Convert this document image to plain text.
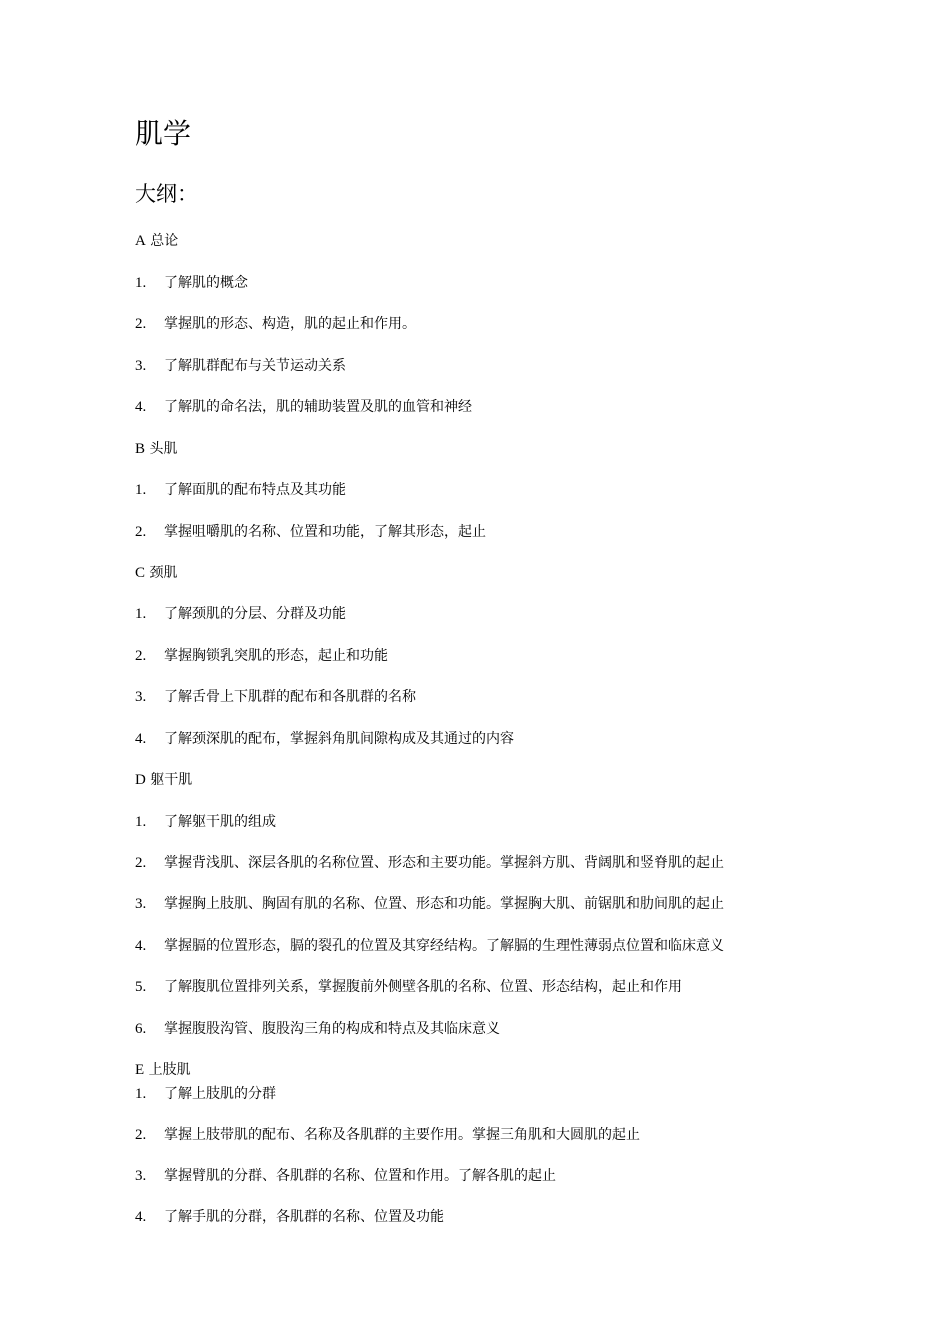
肌学
大纲：
A 总论
1. 了解肌的概念
2. 掌握肌的形态、构造，肌的起止和作用。
3. 了解肌群配布与关节运动关系
4. 了解肌的命名法，肌的辅助装置及肌的血管和神经
B 头肌
1. 了解面肌的配布特点及其功能
2. 掌握咀嚼肌的名称、位置和功能，了解其形态，起止
C 颈肌
1. 了解颈肌的分层、分群及功能
2. 掌握胸锁乳突肌的形态，起止和功能
3. 了解舌骨上下肌群的配布和各肌群的名称
4. 了解颈深肌的配布，掌握斜角肌间隙构成及其通过的内容
D 躯干肌
1. 了解躯干肌的组成
2. 掌握背浅肌、深层各肌的名称位置、形态和主要功能。掌握斜方肌、背阔肌和竖脊肌的起止
3. 掌握胸上肢肌、胸固有肌的名称、位置、形态和功能。掌握胸大肌、前锯肌和肋间肌的起止
4. 掌握膈的位置形态，膈的裂孔的位置及其穿经结构。了解膈的生理性薄弱点位置和临床意义
5. 了解腹肌位置排列关系，掌握腹前外侧壁各肌的名称、位置、形态结构，起止和作用
6. 掌握腹股沟管、腹股沟三角的构成和特点及其临床意义
E 上肢肌
1. 了解上肢肌的分群
2. 掌握上肢带肌的配布、名称及各肌群的主要作用。掌握三角肌和大圆肌的起止
3. 掌握臂肌的分群、各肌群的名称、位置和作用。了解各肌的起止
4. 了解手肌的分群，各肌群的名称、位置及功能
